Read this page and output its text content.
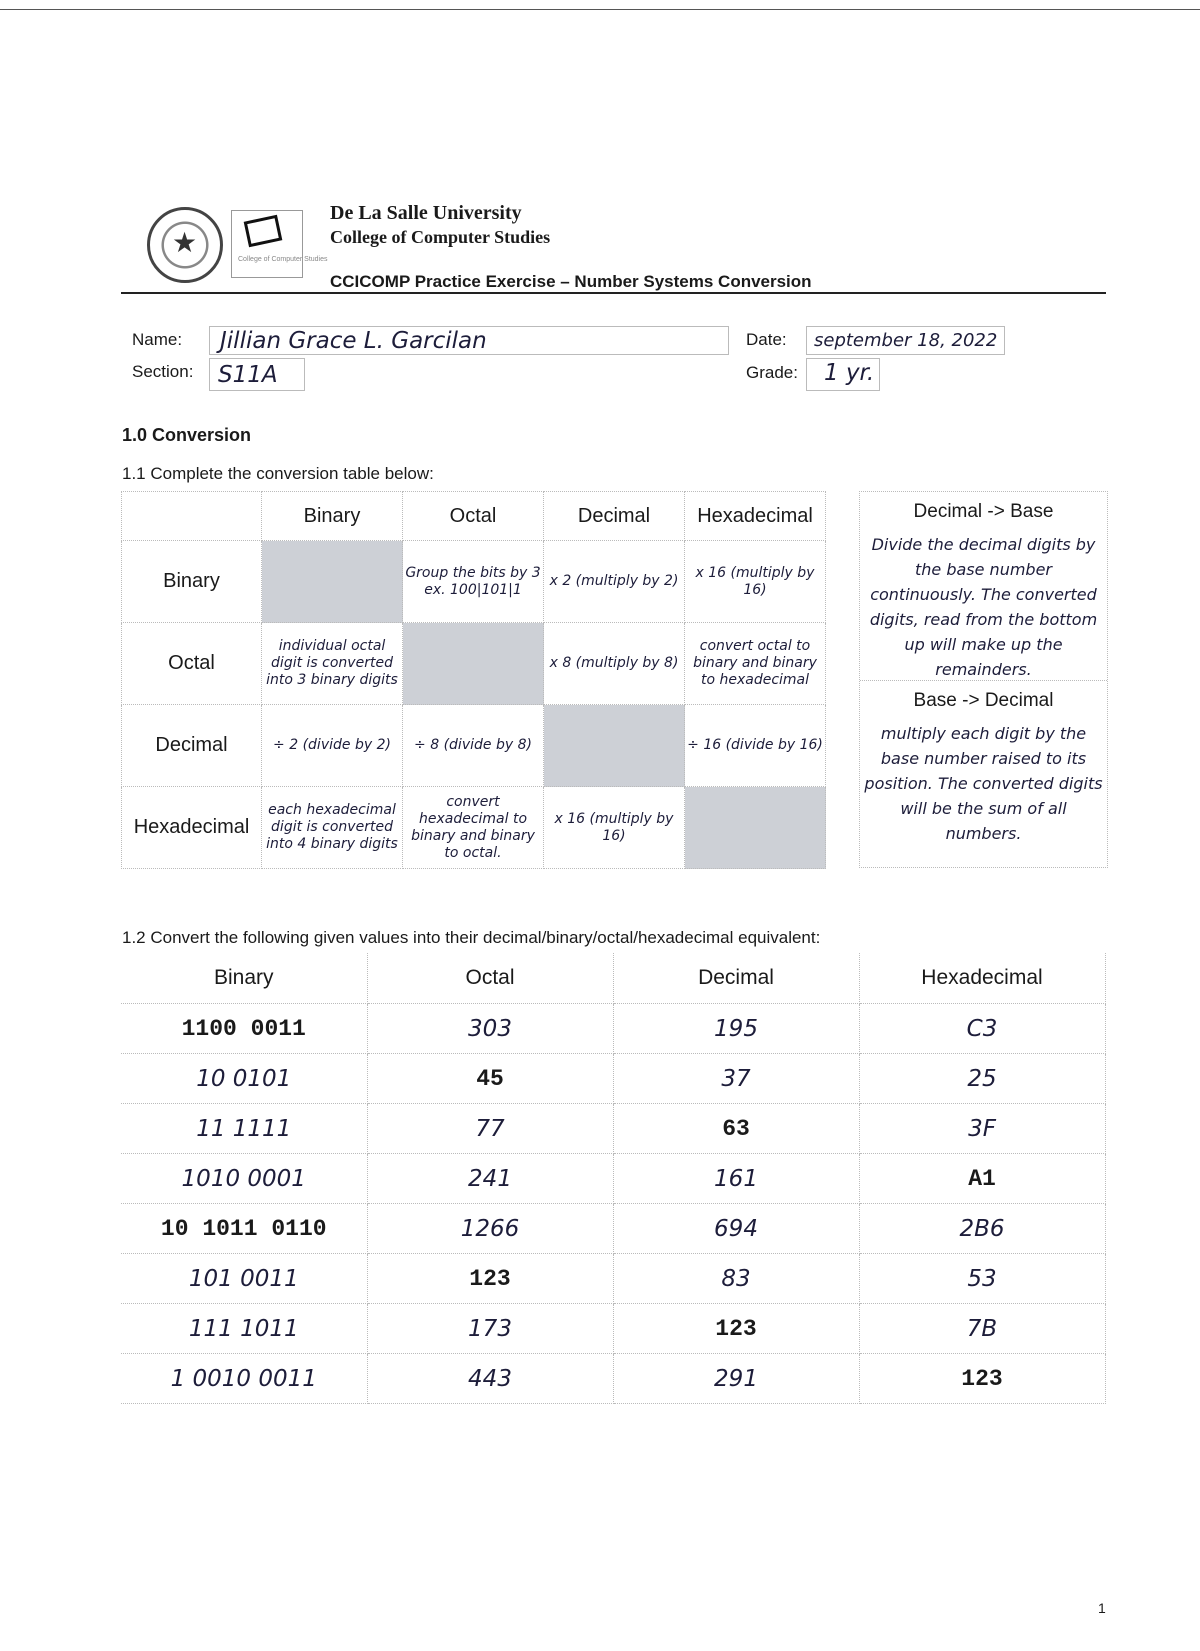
★
College of Computer Studies
De La Salle University
College of Computer Studies
CCICOMP Practice Exercise – Number Systems Conversion
Name: Jillian Grace L. Garcilan
Section: S11A
Date: september 18, 2022
Grade: 1 yr.
1.0 Conversion
1.1 Complete the conversion table below:
	Binary	Octal	Decimal	Hexadecimal
Binary		Group the bits by 3 ex. 100|101|1	x 2 (multiply by 2)	x 16 (multiply by 16)
Octal	individual octal digit is converted into 3 binary digits		x 8 (multiply by 8)	convert octal to binary and binary to hexadecimal
Decimal	÷ 2 (divide by 2)	÷ 8 (divide by 8)		÷ 16 (divide by 16)
Hexadecimal	each hexadecimal digit is converted into 4 binary digits	convert hexadecimal to binary and binary to octal.	x 16 (multiply by 16)	
Decimal -> Base
Divide the decimal digits by the base number continuously. The converted digits, read from the bottom up will make up the remainders.
Base -> Decimal
multiply each digit by the base number raised to its position. The converted digits will be the sum of all numbers.
1.2 Convert the following given values into their decimal/binary/octal/hexadecimal equivalent:
Binary	Octal	Decimal	Hexadecimal
1100 0011	303	195	C3
10 0101	45	37	25
11 1111	77	63	3F
1010 0001	241	161	A1
10 1011 0110	1266	694	2B6
101 0011	123	83	53
111 1011	173	123	7B
1 0010 0011	443	291	123
1
